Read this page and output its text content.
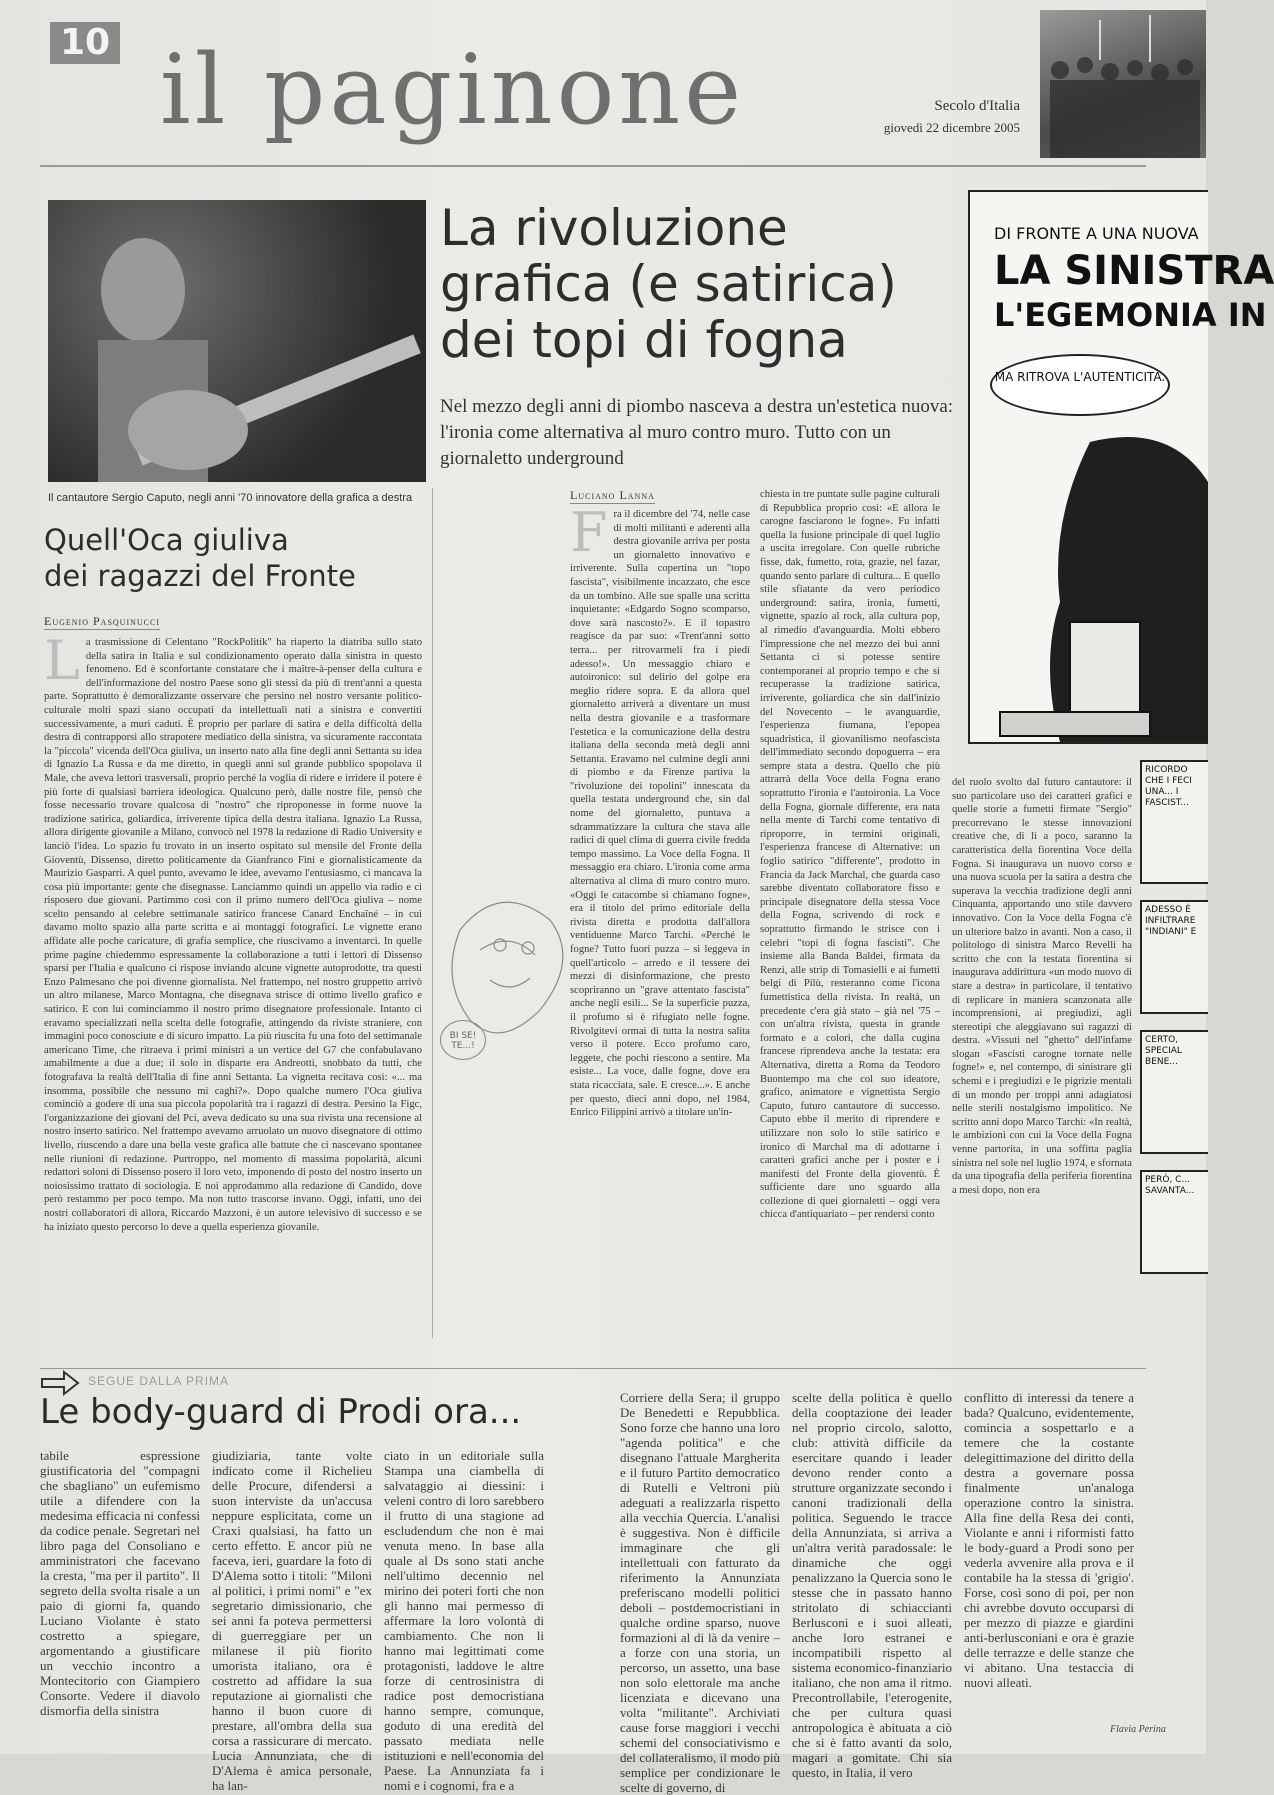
10 il paginone	Secolo d'Italia
giovedì 22 dicembre 2005
Il cantautore Sergio Caputo, negli anni '70 innovatore della grafica a destra
La rivoluzione
grafica (e satirica)
dei topi di fogna
Nel mezzo degli anni di piombo nasceva a destra un'estetica nuova: l'ironia come alternativa al muro contro muro. Tutto con un giornaletto underground
Quell'Oca giuliva
dei ragazzi del Fronte
Eugenio Pasquinucci
La trasmissione di Celentano "RockPolitik" ha riaperto la diatriba sullo stato della satira in Italia e sul condizionamento operato dalla sinistra in questo fenomeno. Ed è sconfortante constatare che i maître-à-penser della cultura e dell'informazione del nostro Paese sono gli stessi da più di trent'anni a questa parte. Soprattutto è demoralizzante osservare che persino nel nostro versante politico-culturale molti spazi siano occupati da intellettuali nati a sinistra e convertiti successivamente, a muri caduti. È proprio per parlare di satira e della difficoltà della destra di contrapporsi allo strapotere mediatico della sinistra, va sicuramente raccontata la "piccola" vicenda dell'Oca giuliva, un inserto nato alla fine degli anni Settanta su idea di Ignazio La Russa e da me diretto, in quegli anni sul grande pubblico spopolava il Male, che aveva lettori trasversali, proprio perché la voglia di ridere e irridere il potere è più forte di qualsiasi barriera ideologica. Qualcuno però, dalle nostre file, pensò che fosse necessario trovare qualcosa di "nostro" che riproponesse in forme nuove la tradizione satirica, goliardica, irriverente tipica della destra italiana. Ignazio La Russa, allora dirigente giovanile a Milano, convocò nel 1978 la redazione di Radio University e lanciò l'idea. Lo spazio fu trovato in un inserto ospitato sul mensile del Fronte della Gioventù, Dissenso, diretto politicamente da Gianfranco Fini e giornalisticamente da Maurizio Gasparri. A quel punto, avevamo le idee, avevamo l'entusiasmo, ci mancava la cosa più importante: gente che disegnasse. Lanciammo quindi un appello via radio e ci risposero due giovani. Partimmo così con il primo numero dell'Oca giuliva – nome scelto pensando al celebre settimanale satirico francese Canard Enchaîné – in cui davamo molto spazio alla parte scritta e ai montaggi fotografici. Le vignette erano affidate alle poche caricature, di grafia semplice, che riuscivamo a inventarci. In quelle prime pagine chiedemmo espressamente la collaborazione a tutti i lettori di Dissenso sparsi per l'Italia e qualcuno ci rispose inviando alcune vignette autoprodotte, tra questi Enzo Palmesano che poi divenne giornalista. Nel frattempo, nel nostro gruppetto arrivò un altro milanese, Marco Montagna, che disegnava strisce di ottimo livello grafico e satirico. E con lui cominciammo il nostro primo disegnatore professionale. Intanto ci eravamo specializzati nella scelta delle fotografie, attingendo da riviste straniere, con immagini poco conosciute e di sicuro impatto. La più riuscita fu una foto del settimanale americano Time, che ritraeva i primi ministri a un vertice del G7 che confabulavano amabilmente a due a due; il solo in disparte era Andreotti, snobbato da tutti, che fotografava la realtà dell'Italia di fine anni Settanta. La vignetta recitava così: «... ma insomma, possibile che nessuno mi caghi?». Dopo qualche numero l'Oca giuliva cominciò a godere di una sua piccola popolarità tra i ragazzi di destra. Persino la Figc, l'organizzazione dei giovani del Pci, aveva dedicato su una sua rivista una recensione al nostro inserto satirico. Nel frattempo avevamo arruolato un nuovo disegnatore di ottimo livello, riuscendo a dare una bella veste grafica alle battute che ci nascevano spontanee nelle riunioni di redazione. Purtroppo, nel momento di massima popolarità, alcuni redattori soloni di Dissenso posero il loro veto, imponendo di posto del nostro inserto un noiosissimo trattato di sociologia. E noi approdammo alla redazione di Candido, dove però restammo per poco tempo. Ma non tutto trascorse invano. Oggi, infatti, uno dei nostri collaboratori di allora, Riccardo Mazzoni, è un autore televisivo di successo e se ha iniziato questo percorso lo deve a quella esperienza giovanile.
Luciano Lanna
Fra il dicembre del '74, nelle case di molti militanti e aderenti alla destra giovanile arriva per posta un giornaletto innovativo e irriverente. Sulla copertina un "topo fascista", visibilmente incazzato, che esce da un tombino. Alle sue spalle una scritta inquietante: «Edgardo Sogno scomparso, dove sarà nascosto?». E il topastro reagisce da par suo: «Trent'anni sotto terra... per ritrovarmeli fra i piedi adesso!». Un messaggio chiaro e autoironico: sul delirio del golpe era meglio ridere sopra. E da allora quel giornaletto arriverà a diventare un must nella destra giovanile e a trasformare l'estetica e la comunicazione della destra italiana della seconda metà degli anni Settanta. Eravamo nel culmine degli anni di piombo e da Firenze partiva la "rivoluzione dei topolini" innescata da quella testata underground che, sin dal nome del giornaletto, puntava a sdrammatizzare la cultura che stava alle radici di quel clima di guerra civile fredda tempo massimo. La Voce della Fogna. Il messaggio era chiaro. L'ironia come arma alternativa al clima di muro contro muro. «Oggi le catacombe si chiamano fogne», era il titolo del primo editoriale della rivista diretta e prodotta dall'allora ventiduenne Marco Tarchi. «Perché le fogne? Tutto fuori puzza – si leggeva in quell'articolo – arredo e il tessere dei mezzi di disinformazione, che presto scopriranno un "grave attentato fascista" anche negli esili... Se la superficie puzza, il profumo si è rifugiato nelle fogne. Rivolgitevi ormai di tutta la nostra salita verso il potere. Ecco profumo caro, leggete, che pochi riescono a sentire. Ma esiste... La voce, dalle fogne, dove era stata ricacciata, sale. E cresce...». E anche per questo, dieci anni dopo, nel 1984, Enrico Filippini arrivò a titolare un'in-
chiesta in tre puntate sulle pagine culturali di Repubblica proprio così: «E allora le carogne fasciarono le fogne». Fu infatti quella la fusione principale di quel luglio a uscita irregolare. Con quelle rubriche fisse, dak, fumetto, rota, grazie, nel fazar, quando sento parlare di cultura... E quello stile sfiatante da vero periodico underground: satira, ironia, fumetti, vignette, spazio al rock, alla cultura pop, al rimedio d'avanguardia. Molti ebbero l'impressione che nel mezzo dei bui anni Settanta ci si potesse sentire contemporanei al proprio tempo e che si recuperasse la tradizione satirica, irriverente, goliardica che sin dall'inizio del Novecento – le avanguardie, l'esperienza fiumana, l'epopea squadristica, il giovanilismo neofascista dell'immediato secondo dopoguerra – era sempre stata a destra. Quello che più attrarrà della Voce della Fogna erano soprattutto l'ironia e l'autoironia. La Voce della Fogna, giornale differente, era nata nella mente di Tarchi come tentativo di riproporre, in termini originali, l'esperienza francese di Alternative: un foglio satirico "differente", prodotto in Francia da Jack Marchal, che guarda caso sarebbe diventato collaboratore fisso e principale disegnatore della stessa Voce della Fogna, scrivendo di rock e soprattutto firmando le strisce con i celebri "topi di fogna fascisti". Che insieme alla Banda Baldei, firmata da Renzi, alle strip di Tomasielli e ai fumetti belgi di Pilù, resteranno come l'icona fumettistica della rivista. In realtà, un precedente c'era già stato – già nel '75 – con un'altra rivista, questa in grande formato e a colori, che dalla cugina francese riprendeva anche la testata: era Alternativa, diretta a Roma da Teodoro Buontempo ma che col suo ideatore, grafico, animatore e vignettista Sergio Caputo, futuro cantautore di successo. Caputo ebbe il merito di riprendere e utilizzare non solo lo stile satirico e ironico di Marchal ma di adottarne i caratteri grafici anche per i poster e i manifesti del Fronte della gioventù. È sufficiente dare uno sguardo alla collezione di quei giornaletti – oggi vera chicca d'antiquariato – per rendersi conto
del ruolo svolto dal futuro cantautore: il suo particolare uso dei caratteri grafici e quelle storie a fumetti firmate "Sergio" precorrevano le stesse innovazioni creative che, di lì a poco, saranno la caratteristica della fiorentina Voce della Fogna. Si inaugurava un nuovo corso e una nuova scuola per la satira a destra che superava la vecchia tradizione degli anni Cinquanta, apportando uno stile davvero innovativo. Con la Voce della Fogna c'è un ulteriore balzo in avanti. Non a caso, il politologo di sinistra Marco Revelli ha scritto che con la testata fiorentina si inaugurava addirittura «un modo nuovo di stare a destra» in particolare, il tentativo di replicare in maniera scanzonata alle incomprensioni, ai pregiudizi, agli stereotipi che aleggiavano sui ragazzi di destra. «Vissuti nel "ghetto" dell'infame slogan «Fascisti carogne tornate nelle fogne!» e, nel contempo, di sinistrare gli schemi e i pregiudizi e le pigrizie mentali di un mondo per troppi anni adagiatosi nelle sterili nostalgismo impolitico. Ne scritto anni dopo Marco Tarchi: «In realtà, le ambizioni con cui la Voce della Fogna venne partorita, in una soffitta paglia sinistra nel sole nel luglio 1974, e sfornata da una tipografia della periferia fiorentina a mesi dopo, non era
BI SE! TE...!
DI FRONTE A UNA NUOVA
LA SINISTRA
L'EGEMONIA IN
MA RITROVA L'AUTENTICITÀ.
RICORDO CHE I FECI UNA... I FASCIST...
ADESSO È INFILTRARE "INDIANI" E
CERTO, SPECIAL BENE...
PERÒ, C... SAVANTA...
SEGUE DALLA PRIMA
Le body-guard di Prodi ora...
tabile espressione giustificatoria del "compagni che sbagliano" un eufemismo utile a difendere con la medesima efficacia ni confessi da codice penale. Segretari nel libro paga del Consoliano e amministratori che facevano la cresta, "ma per il partito". Il segreto della svolta risale a un paio di giorni fa, quando Luciano Violante è stato costretto a spiegare, argomentando a giustificare un vecchio incontro a Montecitorio con Giampiero Consorte. Vedere il diavolo dismorfia della sinistra
giudiziaria, tante volte indicato come il Richelieu delle Procure, difendersi a suon interviste da un'accusa neppure esplicitata, come un Craxi qualsiasi, ha fatto un certo effetto. E ancor più ne faceva, ieri, guardare la foto di D'Alema sotto i titoli: "Miloni al politici, i primi nomi" e "ex segretario dimissionario, che sei anni fa poteva permettersi di guerreggiare per un milanese il più fiorito umorista italiano, ora è costretto ad affidare la sua reputazione ai giornalisti che hanno il buon cuore di prestare, all'ombra della sua corsa a rassicurare di mercato. Lucia Annunziata, che di D'Alema è amica personale, ha lan-
ciato in un editoriale sulla Stampa una ciambella di salvataggio ai diessini: i veleni contro di loro sarebbero il frutto di una stagione ad escludendum che non è mai venuta meno. In base alla quale al Ds sono stati anche nell'ultimo decennio nel mirino dei poteri forti che non gli hanno mai permesso di affermare la loro volontà di cambiamento. Che non li hanno mai legittimati come protagonisti, laddove le altre forze di centrosinistra di radice post democristiana hanno sempre, comunque, goduto di una eredità del passato mediata nelle istituzioni e nell'economia del Paese. La Annunziata fa i nomi e i cognomi, fra e a
Corriere della Sera; il gruppo De Benedetti e Repubblica. Sono forze che hanno una loro "agenda politica" e che disegnano l'attuale Margherita e il futuro Partito democratico di Rutelli e Veltroni più adeguati a realizzarla rispetto alla vecchia Quercia. L'analisi è suggestiva. Non è difficile immaginare che gli intellettuali con fatturato da riferimento la Annunziata preferiscano modelli politici deboli – postdemocristiani in qualche ordine sparso, nuove formazioni al di là da venire – a forze con una storia, un percorso, un assetto, una base non solo elettorale ma anche licenziata e dicevano una volta "militante". Archiviati cause forse maggiori i vecchi schemi del consociativismo e del collateralismo, il modo più semplice per condizionare le scelte di governo, di
scelte della politica è quello della cooptazione dei leader nel proprio circolo, salotto, club: attività difficile da esercitare quando i leader devono render conto a strutture organizzate secondo i canoni tradizionali della politica. Seguendo le tracce della Annunziata, si arriva a un'altra verità paradossale: le dinamiche che oggi penalizzano la Quercia sono le stesse che in passato hanno stritolato di schiaccianti Berlusconi e i suoi alleati, anche loro estranei e incompatibili rispetto al sistema economico-finanziario italiano, che non ama il ritmo. Precontrollabile, l'eterogenite, che per cultura quasi antropologica è abituata a ciò che si è fatto avanti da solo, magari a gomitate. Chi sia questo, in Italia, il vero
conflitto di interessi da tenere a bada? Qualcuno, evidentemente, comincia a sospettarlo e a temere che la costante delegittimazione del diritto della destra a governare possa finalmente un'analoga operazione contro la sinistra. Alla fine della Resa dei conti, Violante e anni i riformisti fatto le body-guard a Prodi sono per vederla avvenire alla prova e il contabile ha la stessa di 'grigio'. Forse, così sono di poi, per non chi avrebbe dovuto occuparsi di per mezzo di piazze e giardini anti-berlusconiani e ora è grazie delle terrazze e delle stanze che vi abitano. Una testaccia di nuovi alleati.
Flavia Perina
